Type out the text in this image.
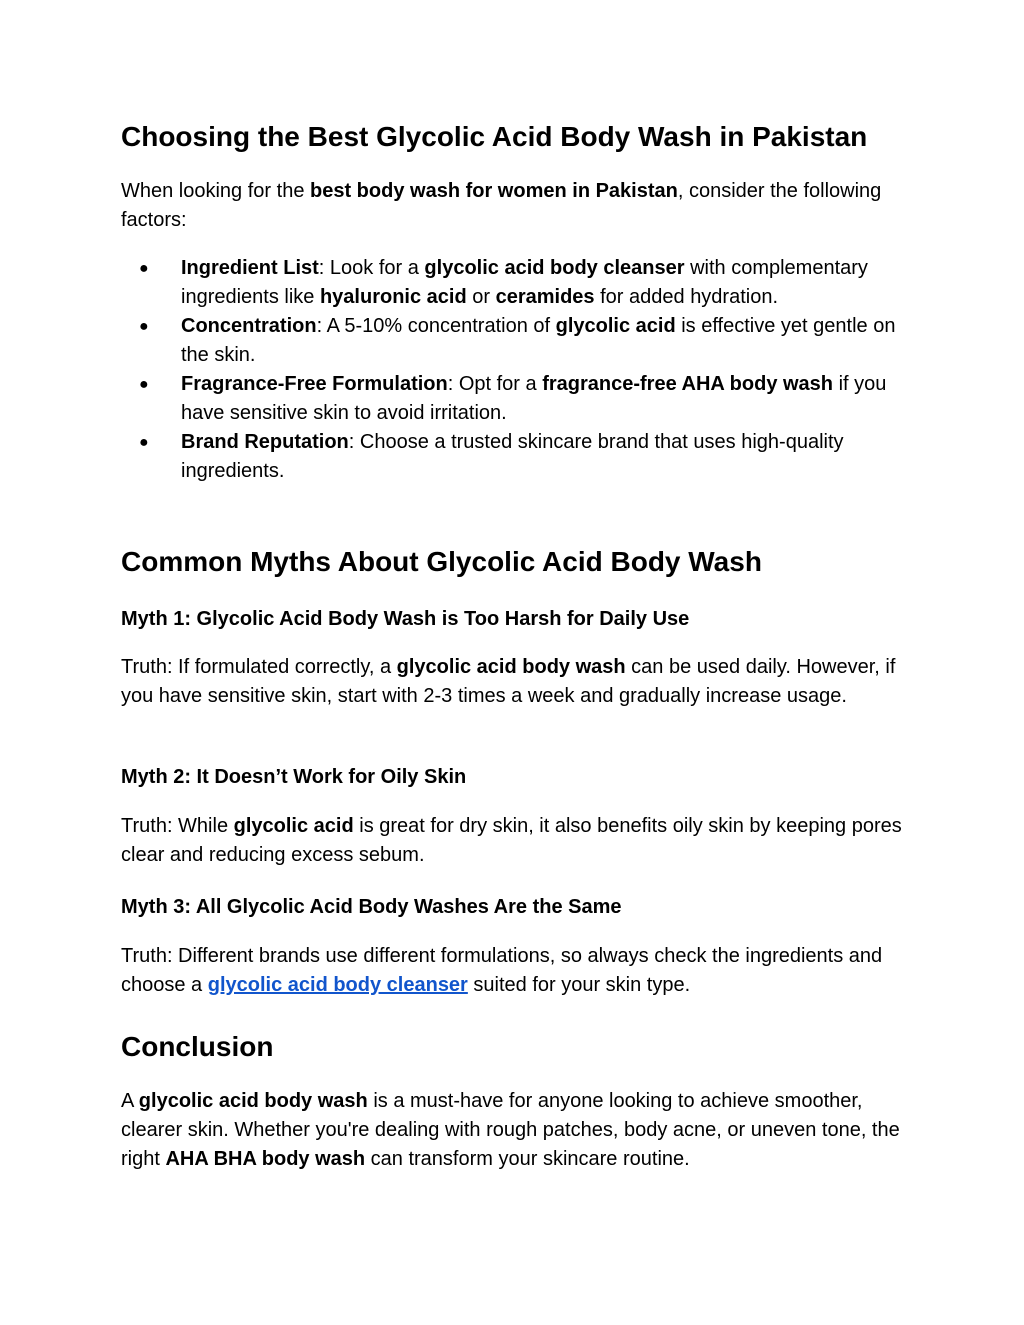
Choosing the Best Glycolic Acid Body Wash in Pakistan

When looking for the best body wash for women in Pakistan, consider the following factors:

● Ingredient List: Look for a glycolic acid body cleanser with complementary ingredients like hyaluronic acid or ceramides for added hydration.
● Concentration: A 5-10% concentration of glycolic acid is effective yet gentle on the skin.
● Fragrance-Free Formulation: Opt for a fragrance-free AHA body wash if you have sensitive skin to avoid irritation.
● Brand Reputation: Choose a trusted skincare brand that uses high-quality ingredients.
Common Myths About Glycolic Acid Body Wash
Myth 1: Glycolic Acid Body Wash is Too Harsh for Daily Use

Truth: If formulated correctly, a glycolic acid body wash can be used daily. However, if you have sensitive skin, start with 2-3 times a week and gradually increase usage.

Myth 2: It Doesn’t Work for Oily Skin

Truth: While glycolic acid is great for dry skin, it also benefits oily skin by keeping pores clear and reducing excess sebum.

Myth 3: All Glycolic Acid Body Washes Are the Same

Truth: Different brands use different formulations, so always check the ingredients and choose a glycolic acid body cleanser suited for your skin type.

Conclusion

A glycolic acid body wash is a must-have for anyone looking to achieve smoother, clearer skin. Whether you're dealing with rough patches, body acne, or uneven tone, the right AHA BHA body wash can transform your skincare routine.
